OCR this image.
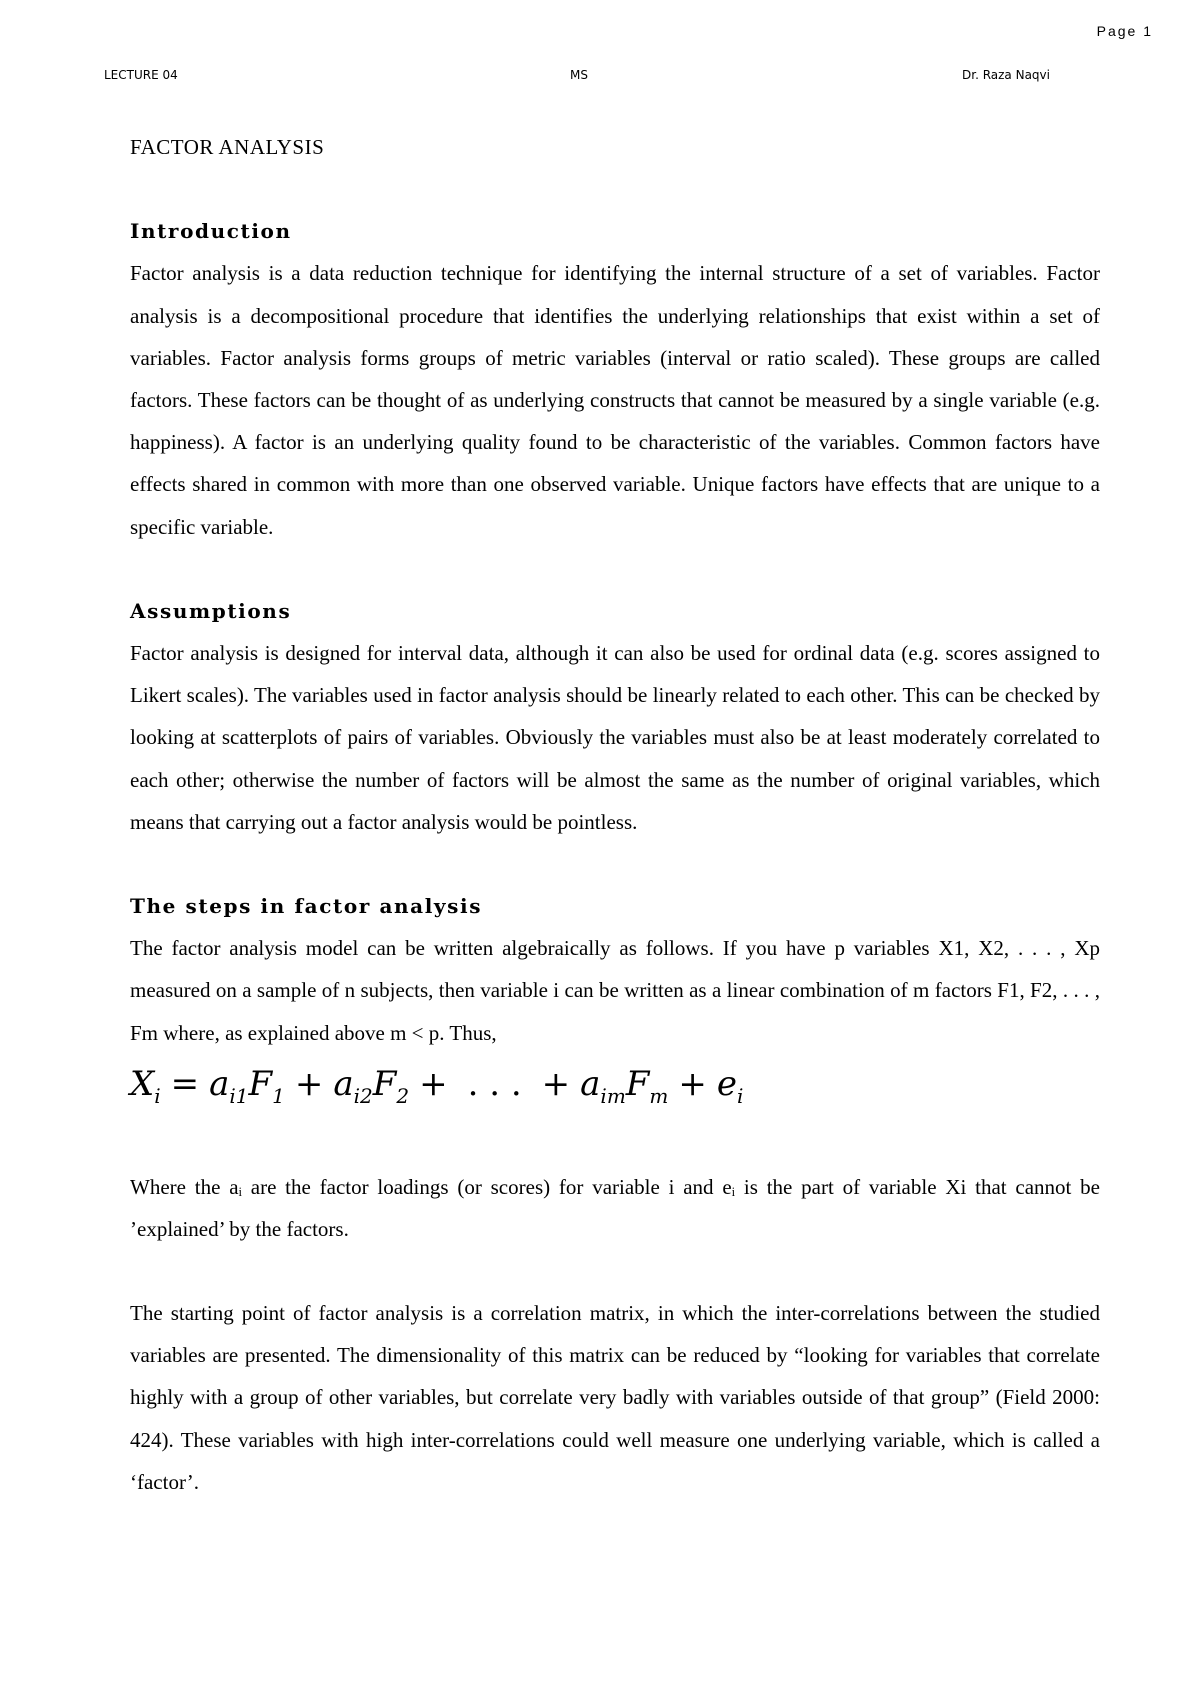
Page 1
LECTURE 04	MS	Dr. Raza Naqvi
FACTOR ANALYSIS
Introduction

Factor analysis is a data reduction technique for identifying the internal structure of a set of variables. Factor analysis is a decompositional procedure that identifies the underlying relationships that exist within a set of variables. Factor analysis forms groups of metric variables (interval or ratio scaled). These groups are called factors. These factors can be thought of as underlying constructs that cannot be measured by a single variable (e.g. happiness). A factor is an underlying quality found to be characteristic of the variables. Common factors have effects shared in common with more than one observed variable. Unique factors have effects that are unique to a specific variable.

Assumptions

Factor analysis is designed for interval data, although it can also be used for ordinal data (e.g. scores assigned to Likert scales). The variables used in factor analysis should be linearly related to each other. This can be checked by looking at scatterplots of pairs of variables. Obviously the variables must also be at least moderately correlated to each other; otherwise the number of factors will be almost the same as the number of original variables, which means that carrying out a factor analysis would be pointless.

The steps in factor analysis

The factor analysis model can be written algebraically as follows. If you have p variables X1, X2, . . . , Xp measured on a sample of n subjects, then variable i can be written as a linear combination of m factors F1, F2, . . . , Fm where, as explained above m < p. Thus,

$X_i = a_{i1}F_1 + a_{i2}F_2$ + . . . + $a_{im}F_m + e_i$

Where the aᵢ are the factor loadings (or scores) for variable i and eᵢ is the part of variable Xi that cannot be ’explained’ by the factors.

The starting point of factor analysis is a correlation matrix, in which the inter-correlations between the studied variables are presented. The dimensionality of this matrix can be reduced by “looking for variables that correlate highly with a group of other variables, but correlate very badly with variables outside of that group” (Field 2000: 424). These variables with high inter-correlations could well measure one underlying variable, which is called a ‘factor’.
